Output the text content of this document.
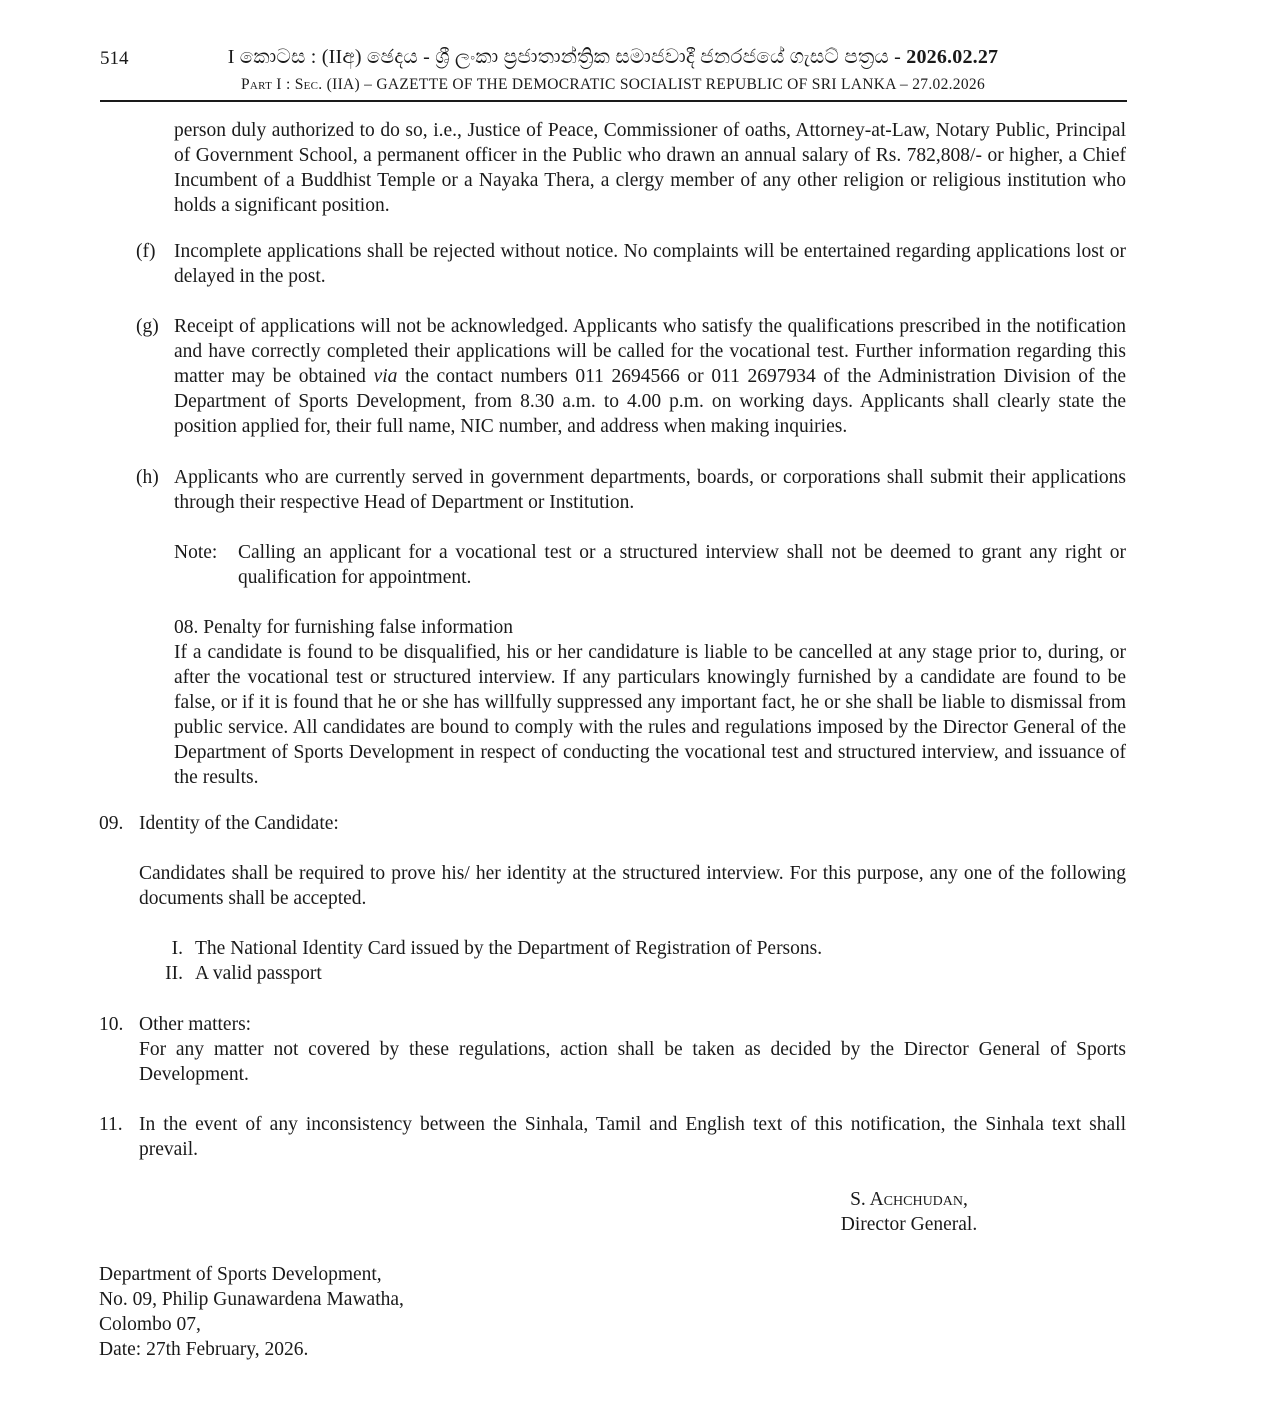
514	I කොටස : (IIඅ) ඡෙදය - ශ්‍රී ලංකා ප්‍රජාතාන්ත්‍රික සමාජවාදී ජනරජයේ ගැසට් පත්‍රය - 2026.02.27
Part I : Sec. (IIA) – GAZETTE OF THE DEMOCRATIC SOCIALIST REPUBLIC OF SRI LANKA – 27.02.2026
person duly authorized to do so, i.e., Justice of Peace, Commissioner of oaths, Attorney-at-Law, Notary Public, Principal of Government School, a permanent officer in the Public who drawn an annual salary of Rs. 782,808/- or higher, a Chief Incumbent of a Buddhist Temple or a Nayaka Thera, a clergy member of any other religion or religious institution who holds a significant position.
(f) Incomplete applications shall be rejected without notice. No complaints will be entertained regarding applications lost or delayed in the post.
(g) Receipt of applications will not be acknowledged. Applicants who satisfy the qualifications prescribed in the notification and have correctly completed their applications will be called for the vocational test. Further information regarding this matter may be obtained via the contact numbers 011 2694566 or 011 2697934 of the Administration Division of the Department of Sports Development, from 8.30 a.m. to 4.00 p.m. on working days. Applicants shall clearly state the position applied for, their full name, NIC number, and address when making inquiries.
(h) Applicants who are currently served in government departments, boards, or corporations shall submit their applications through their respective Head of Department or Institution.
Note: Calling an applicant for a vocational test or a structured interview shall not be deemed to grant any right or qualification for appointment.
08. Penalty for furnishing false information
If a candidate is found to be disqualified, his or her candidature is liable to be cancelled at any stage prior to, during, or after the vocational test or structured interview. If any particulars knowingly furnished by a candidate are found to be false, or if it is found that he or she has willfully suppressed any important fact, he or she shall be liable to dismissal from public service. All candidates are bound to comply with the rules and regulations imposed by the Director General of the Department of Sports Development in respect of conducting the vocational test and structured interview, and issuance of the results.
09. Identity of the Candidate:
Candidates shall be required to prove his/ her identity at the structured interview. For this purpose, any one of the following documents shall be accepted.
I. The National Identity Card issued by the Department of Registration of Persons.
II. A valid passport
10. Other matters:
For any matter not covered by these regulations, action shall be taken as decided by the Director General of Sports Development.
11. In the event of any inconsistency between the Sinhala, Tamil and English text of this notification, the Sinhala text shall prevail.
S. Achchudan,
Director General.
Department of Sports Development,
No. 09, Philip Gunawardena Mawatha,
Colombo 07,
Date: 27th February, 2026.
